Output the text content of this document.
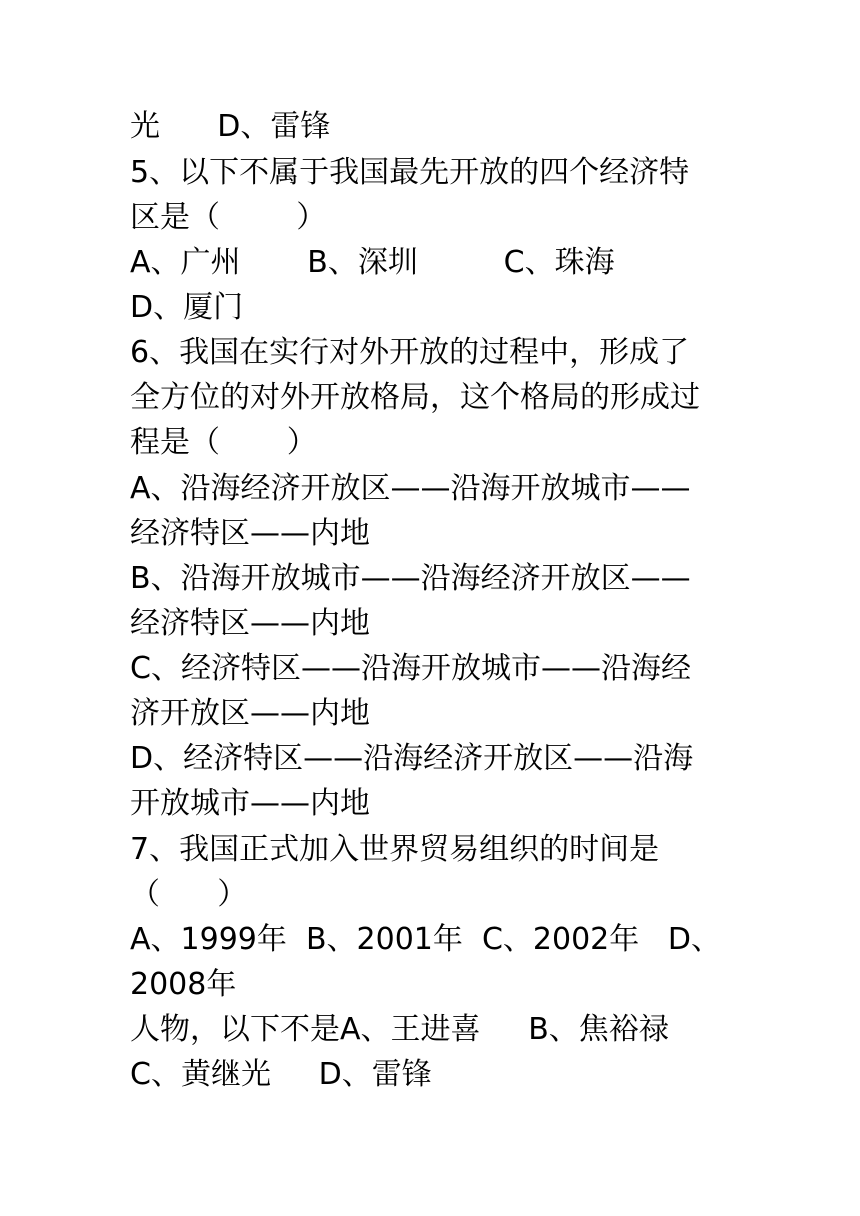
光      D、雷锋
5、以下不属于我国最先开放的四个经济特
区是（        ）
A、广州       B、深圳         C、珠海
D、厦门
6、我国在实行对外开放的过程中，形成了
全方位的对外开放格局，这个格局的形成过
程是（       ）
A、沿海经济开放区——沿海开放城市——
经济特区——内地
B、沿海开放城市——沿海经济开放区——
经济特区——内地
C、经济特区——沿海开放城市——沿海经
济开放区——内地
D、经济特区——沿海经济开放区——沿海
开放城市——内地
7、我国正式加入世界贸易组织的时间是
（      ）
A、1999年  B、2001年  C、2002年   D、
2008年
人物，以下不是A、王进喜     B、焦裕禄
C、黄继光     D、雷锋
